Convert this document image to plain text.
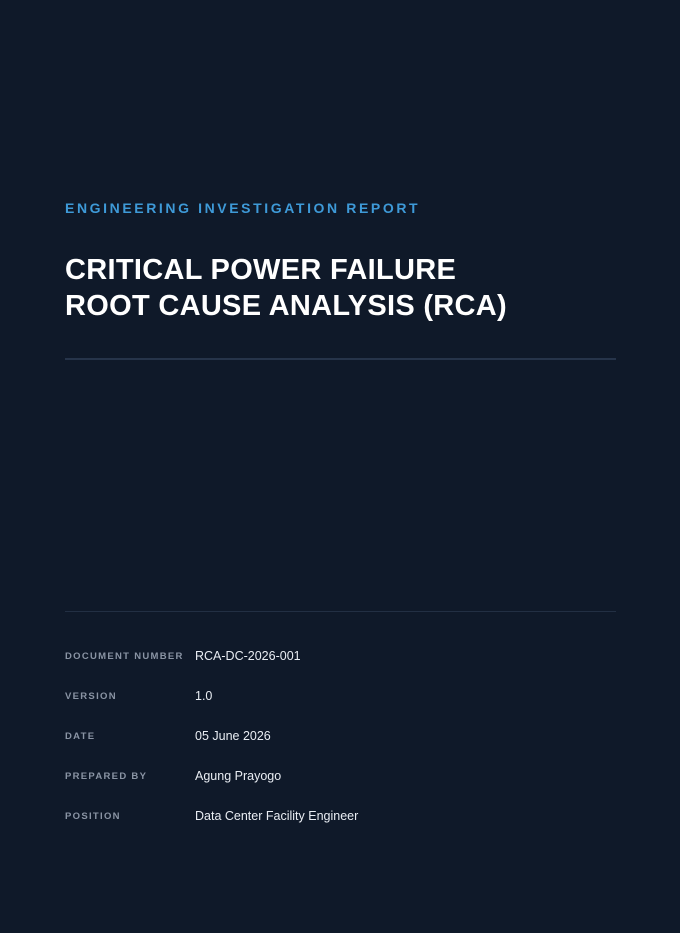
ENGINEERING INVESTIGATION REPORT
CRITICAL POWER FAILURE
ROOT CAUSE ANALYSIS (RCA)
DOCUMENT NUMBER RCA-DC-2026-001
VERSION	1.0
DATE	05 June 2026
PREPARED BY	Agung Prayogo
POSITION	Data Center Facility Engineer
